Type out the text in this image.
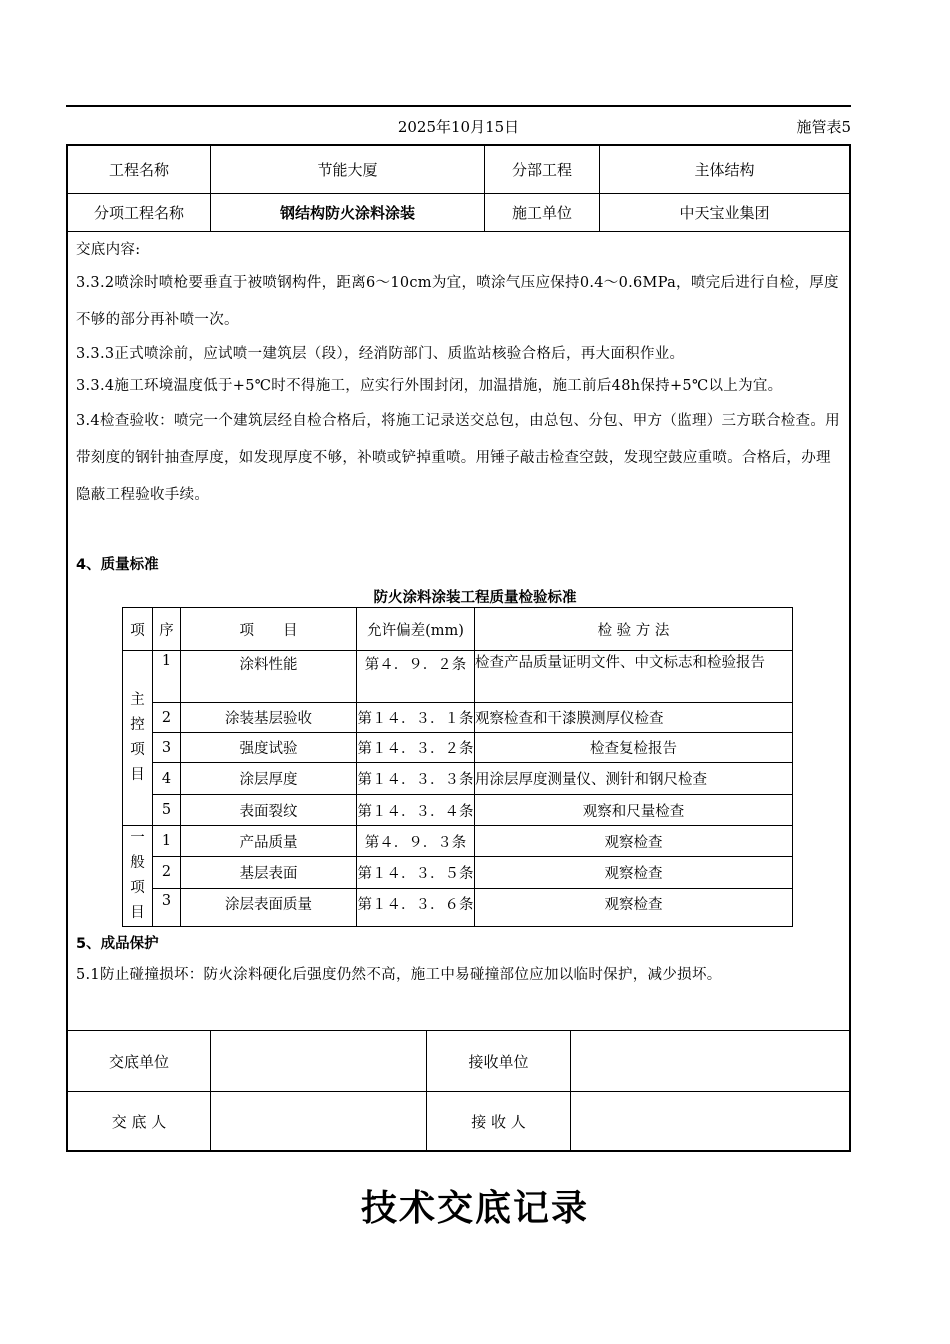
2025年10月15日	施管表5
工程名称	节能大厦	分部工程	主体结构
分项工程名称	钢结构防火涂料涂装	施工单位	中天宝业集团
交底单位	接收单位
交 底 人	接 收 人
交底内容:

3.3.2喷涂时喷枪要垂直于被喷钢构件，距离6～10cm为宜，喷涂气压应保持0.4～0.6MPa，喷完后进行自检，厚度不够的部分再补喷一次。

3.3.3正式喷涂前，应试喷一建筑层（段），经消防部门、质监站核验合格后，再大面积作业。

3.3.4施工环境温度低于+5℃时不得施工，应实行外围封闭，加温措施，施工前后48h保持+5℃以上为宜。

3.4检查验收：喷完一个建筑层经自检合格后，将施工记录送交总包，由总包、分包、甲方（监理）三方联合检查。用带刻度的钢针抽查厚度，如发现厚度不够，补喷或铲掉重喷。用锤子敲击检查空鼓，发现空鼓应重喷。合格后，办理隐蔽工程验收手续。

4、质量标准
防火涂料涂装工程质量检验标准
项	序	项　　目	允许偏差(mm)	检 验 方 法
主控项目	1	涂料性能	第４．９．２条	检查产品质量证明文件、中文标志和检验报告
	2	涂装基层验收	第１４．３．１条	观察检查和干漆膜测厚仪检查
	3	强度试验	第１４．３．２条	检查复检报告
	4	涂层厚度	第１４．３．３条	用涂层厚度测量仪、测针和钢尺检查
	5	表面裂纹	第１４．３．４条	观察和尺量检查
一般项目	1	产品质量	第４．９．３条	观察检查
	2	基层表面	第１４．３．５条	观察检查
	3	涂层表面质量	第１４．３．６条	观察检查
5、成品保护
5.1防止碰撞损坏：防火涂料硬化后强度仍然不高，施工中易碰撞部位应加以临时保护，减少损坏。
技术交底记录
